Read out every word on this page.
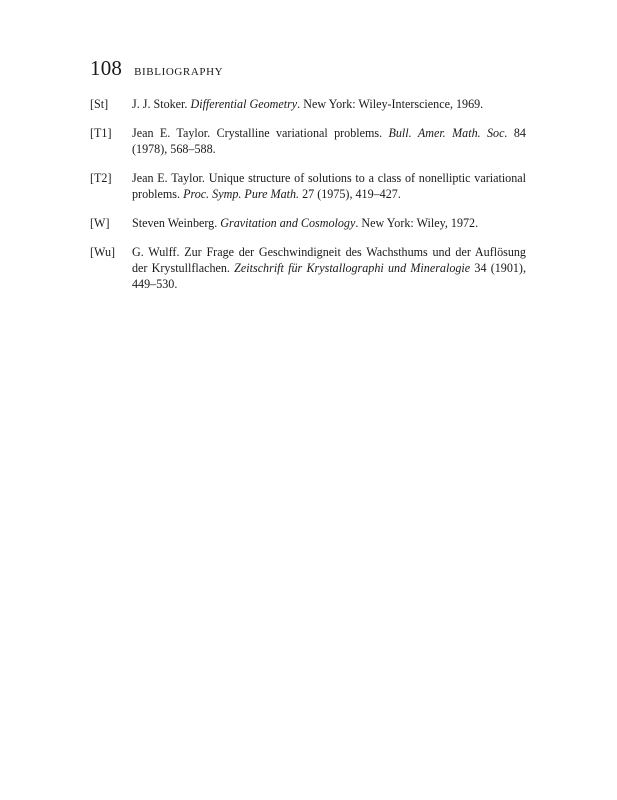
108 BIBLIOGRAPHY
[St]	J. J. Stoker. Differential Geometry. New York: Wiley-Interscience, 1969.
[T1]	Jean E. Taylor. Crystalline variational problems. Bull. Amer. Math. Soc. 84 (1978), 568–588.
[T2]	Jean E. Taylor. Unique structure of solutions to a class of nonelliptic variational problems. Proc. Symp. Pure Math. 27 (1975), 419–427.
[W]	Steven Weinberg. Gravitation and Cosmology. New York: Wiley, 1972.
[Wu]	G. Wulff. Zur Frage der Geschwindigneit des Wachsthums und der Auflösung der Krystullflachen. Zeitschrift für Krystallographi und Mineralogie 34 (1901), 449–530.
